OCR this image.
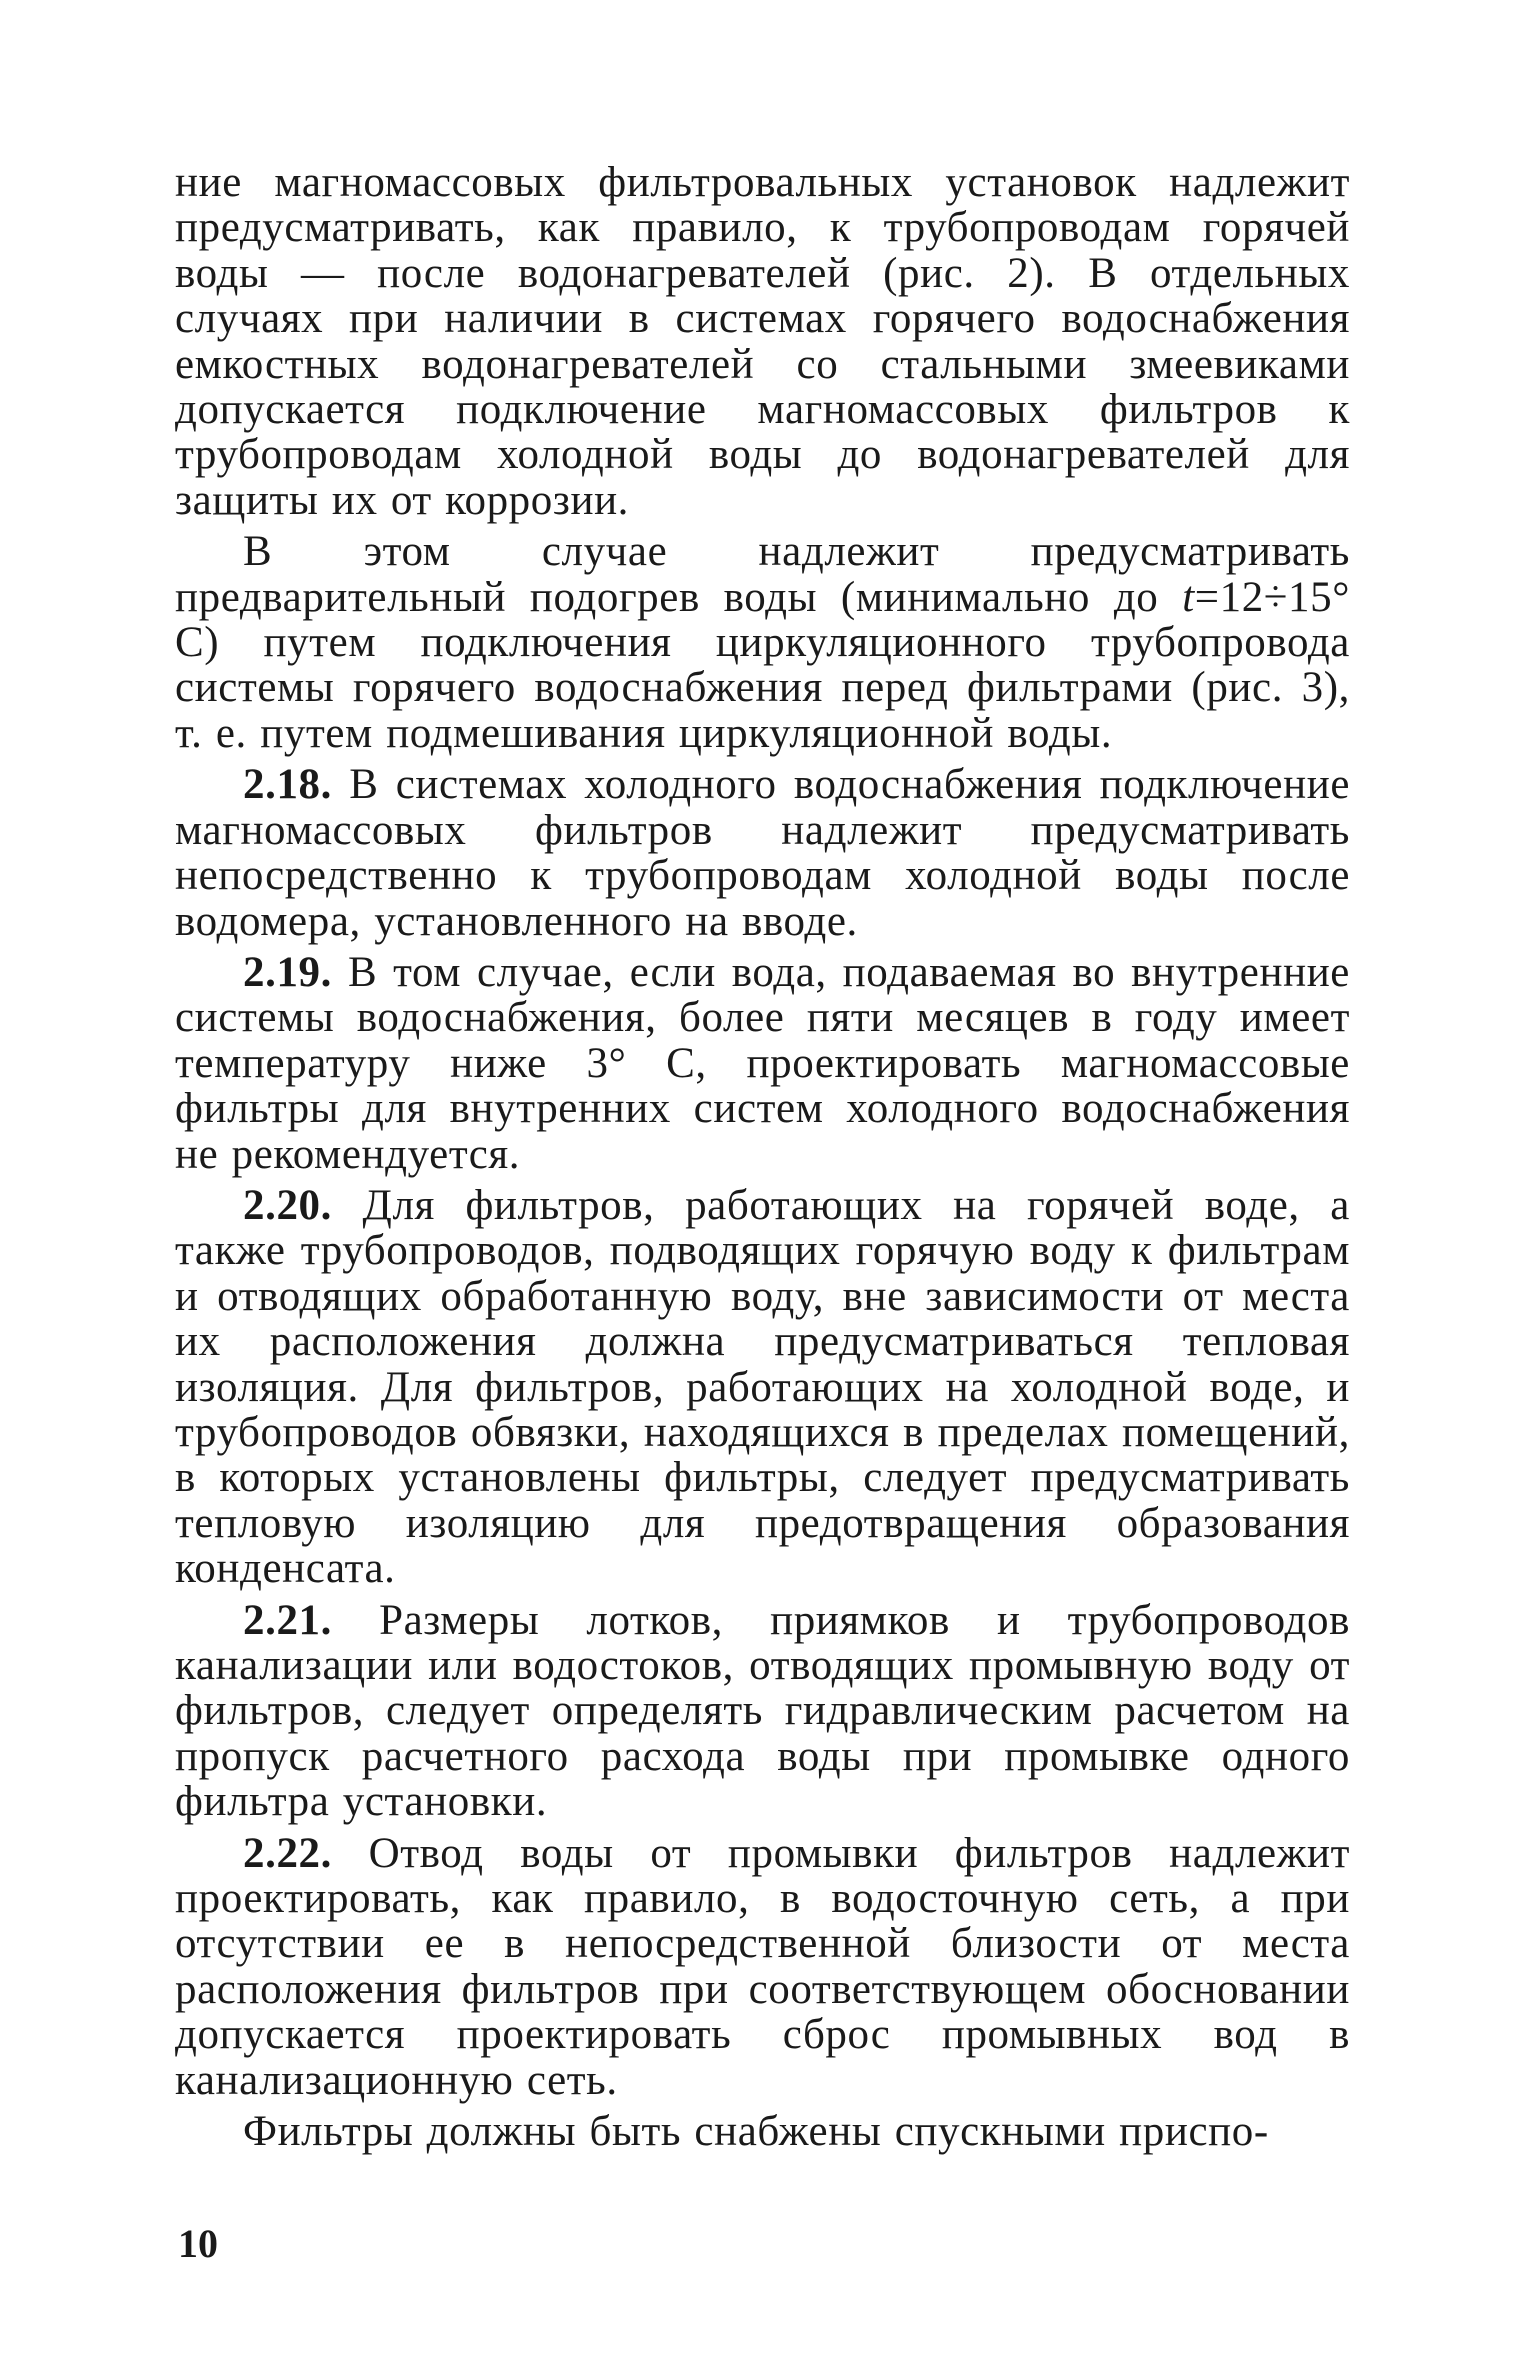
ние магномассовых фильтровальных установок надлежит предусматривать, как правило, к трубопроводам горячей воды — после водонагревателей (рис. 2). В отдельных случаях при наличии в системах горячего водоснабжения емкостных водонагревателей со стальными змеевиками допускается подключение магномассовых фильтров к трубопроводам холодной воды до водонагревателей для защиты их от коррозии.

В этом случае надлежит предусматривать предварительный подогрев воды (минимально до t=12÷15° С) путем подключения циркуляционного трубопровода системы горячего водоснабжения перед фильтрами (рис. 3), т. е. путем подмешивания циркуляционной воды.

2.18. В системах холодного водоснабжения подключение магномассовых фильтров надлежит предусматривать непосредственно к трубопроводам холодной воды после водомера, установленного на вводе.

2.19. В том случае, если вода, подаваемая во внутренние системы водоснабжения, более пяти месяцев в году имеет температуру ниже 3° С, проектировать магномассовые фильтры для внутренних систем холодного водоснабжения не рекомендуется.

2.20. Для фильтров, работающих на горячей воде, а также трубопроводов, подводящих горячую воду к фильтрам и отводящих обработанную воду, вне зависимости от места их расположения должна предусматриваться тепловая изоляция. Для фильтров, работающих на холодной воде, и трубопроводов обвязки, находящихся в пределах помещений, в которых установлены фильтры, следует предусматривать тепловую изоляцию для предотвращения образования конденсата.

2.21. Размеры лотков, приямков и трубопроводов канализации или водостоков, отводящих промывную воду от фильтров, следует определять гидравлическим расчетом на пропуск расчетного расхода воды при промывке одного фильтра установки.

2.22. Отвод воды от промывки фильтров надлежит проектировать, как правило, в водосточную сеть, а при отсутствии ее в непосредственной близости от места расположения фильтров при соответствующем обосновании допускается проектировать сброс промывных вод в канализационную сеть.

Фильтры должны быть снабжены спускными приспо-

10
